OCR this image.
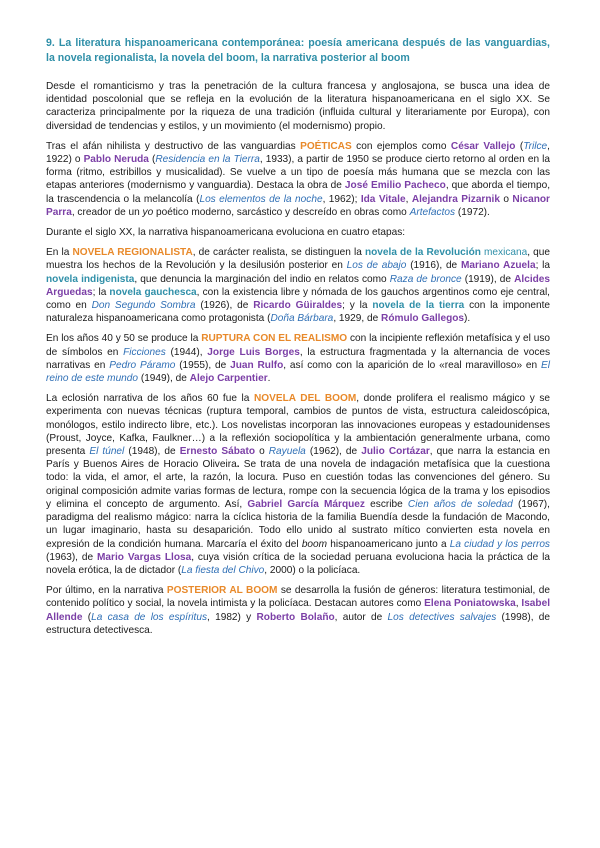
9. La literatura hispanoamericana contemporánea: poesía americana después de las vanguardias, la novela regionalista, la novela del boom, la narrativa posterior al boom

Desde el romanticismo y tras la penetración de la cultura francesa y anglosajona, se busca una idea de identidad poscolonial que se refleja en la evolución de la literatura hispanoamericana en el siglo XX. Se caracteriza principalmente por la riqueza de una tradición (influida cultural y literariamente por Europa), con diversidad de tendencias y estilos, y un movimiento (el modernismo) propio.

Tras el afán nihilista y destructivo de las vanguardias POÉTICAS con ejemplos como César Vallejo (Trilce, 1922) o Pablo Neruda (Residencia en la Tierra, 1933), a partir de 1950 se produce cierto retorno al orden en la forma (ritmo, estribillos y musicalidad). Se vuelve a un tipo de poesía más humana que se mezcla con las etapas anteriores (modernismo y vanguardia). Destaca la obra de José Emilio Pacheco, que aborda el tiempo, la trascendencia o la melancolía (Los elementos de la noche, 1962); Ida Vitale, Alejandra Pizarnik o Nicanor Parra, creador de un yo poético moderno, sarcástico y descreído en obras como Artefactos (1972).

Durante el siglo XX, la narrativa hispanoamericana evoluciona en cuatro etapas:

En la NOVELA REGIONALISTA, de carácter realista, se distinguen la novela de la Revolución mexicana, que muestra los hechos de la Revolución y la desilusión posterior en Los de abajo (1916), de Mariano Azuela; la novela indigenista, que denuncia la marginación del indio en relatos como Raza de bronce (1919), de Alcides Arguedas; la novela gauchesca, con la existencia libre y nómada de los gauchos argentinos como eje central, como en Don Segundo Sombra (1926), de Ricardo Güiraldes; y la novela de la tierra con la imponente naturaleza hispanoamericana como protagonista (Doña Bárbara, 1929, de Rómulo Gallegos).

En los años 40 y 50 se produce la RUPTURA CON EL REALISMO con la incipiente reflexión metafísica y el uso de símbolos en Ficciones (1944), Jorge Luis Borges, la estructura fragmentada y la alternancia de voces narrativas en Pedro Páramo (1955), de Juan Rulfo, así como con la aparición de lo «real maravilloso» en El reino de este mundo (1949), de Alejo Carpentier.

La eclosión narrativa de los años 60 fue la NOVELA DEL BOOM, donde prolifera el realismo mágico y se experimenta con nuevas técnicas (ruptura temporal, cambios de puntos de vista, estructura caleidoscópica, monólogos, estilo indirecto libre, etc.). Los novelistas incorporan las innovaciones europeas y estadounidenses (Proust, Joyce, Kafka, Faulkner…) a la reflexión sociopolítica y la ambientación generalmente urbana, como presenta El túnel (1948), de Ernesto Sábato o Rayuela (1962), de Julio Cortázar, que narra la estancia en París y Buenos Aires de Horacio Oliveira. Se trata de una novela de indagación metafísica que la cuestiona todo: la vida, el amor, el arte, la razón, la locura. Puso en cuestión todas las convenciones del género. Su original composición admite varias formas de lectura, rompe con la secuencia lógica de la trama y los episodios y elimina el concepto de argumento. Así, Gabriel García Márquez escribe Cien años de soledad (1967), paradigma del realismo mágico: narra la cíclica historia de la familia Buendía desde la fundación de Macondo, un lugar imaginario, hasta su desaparición. Todo ello unido al sustrato mítico convierten esta novela en expresión de la condición humana. Marcaría el éxito del boom hispanoamericano junto a La ciudad y los perros (1963), de Mario Vargas Llosa, cuya visión crítica de la sociedad peruana evoluciona hacia la práctica de la novela erótica, la de dictador (La fiesta del Chivo, 2000) o la policíaca.

Por último, en la narrativa POSTERIOR AL BOOM se desarrolla la fusión de géneros: literatura testimonial, de contenido político y social, la novela intimista y la policíaca. Destacan autores como Elena Poniatowska, Isabel Allende (La casa de los espíritus, 1982) y Roberto Bolaño, autor de Los detectives salvajes (1998), de estructura detectivesca.
